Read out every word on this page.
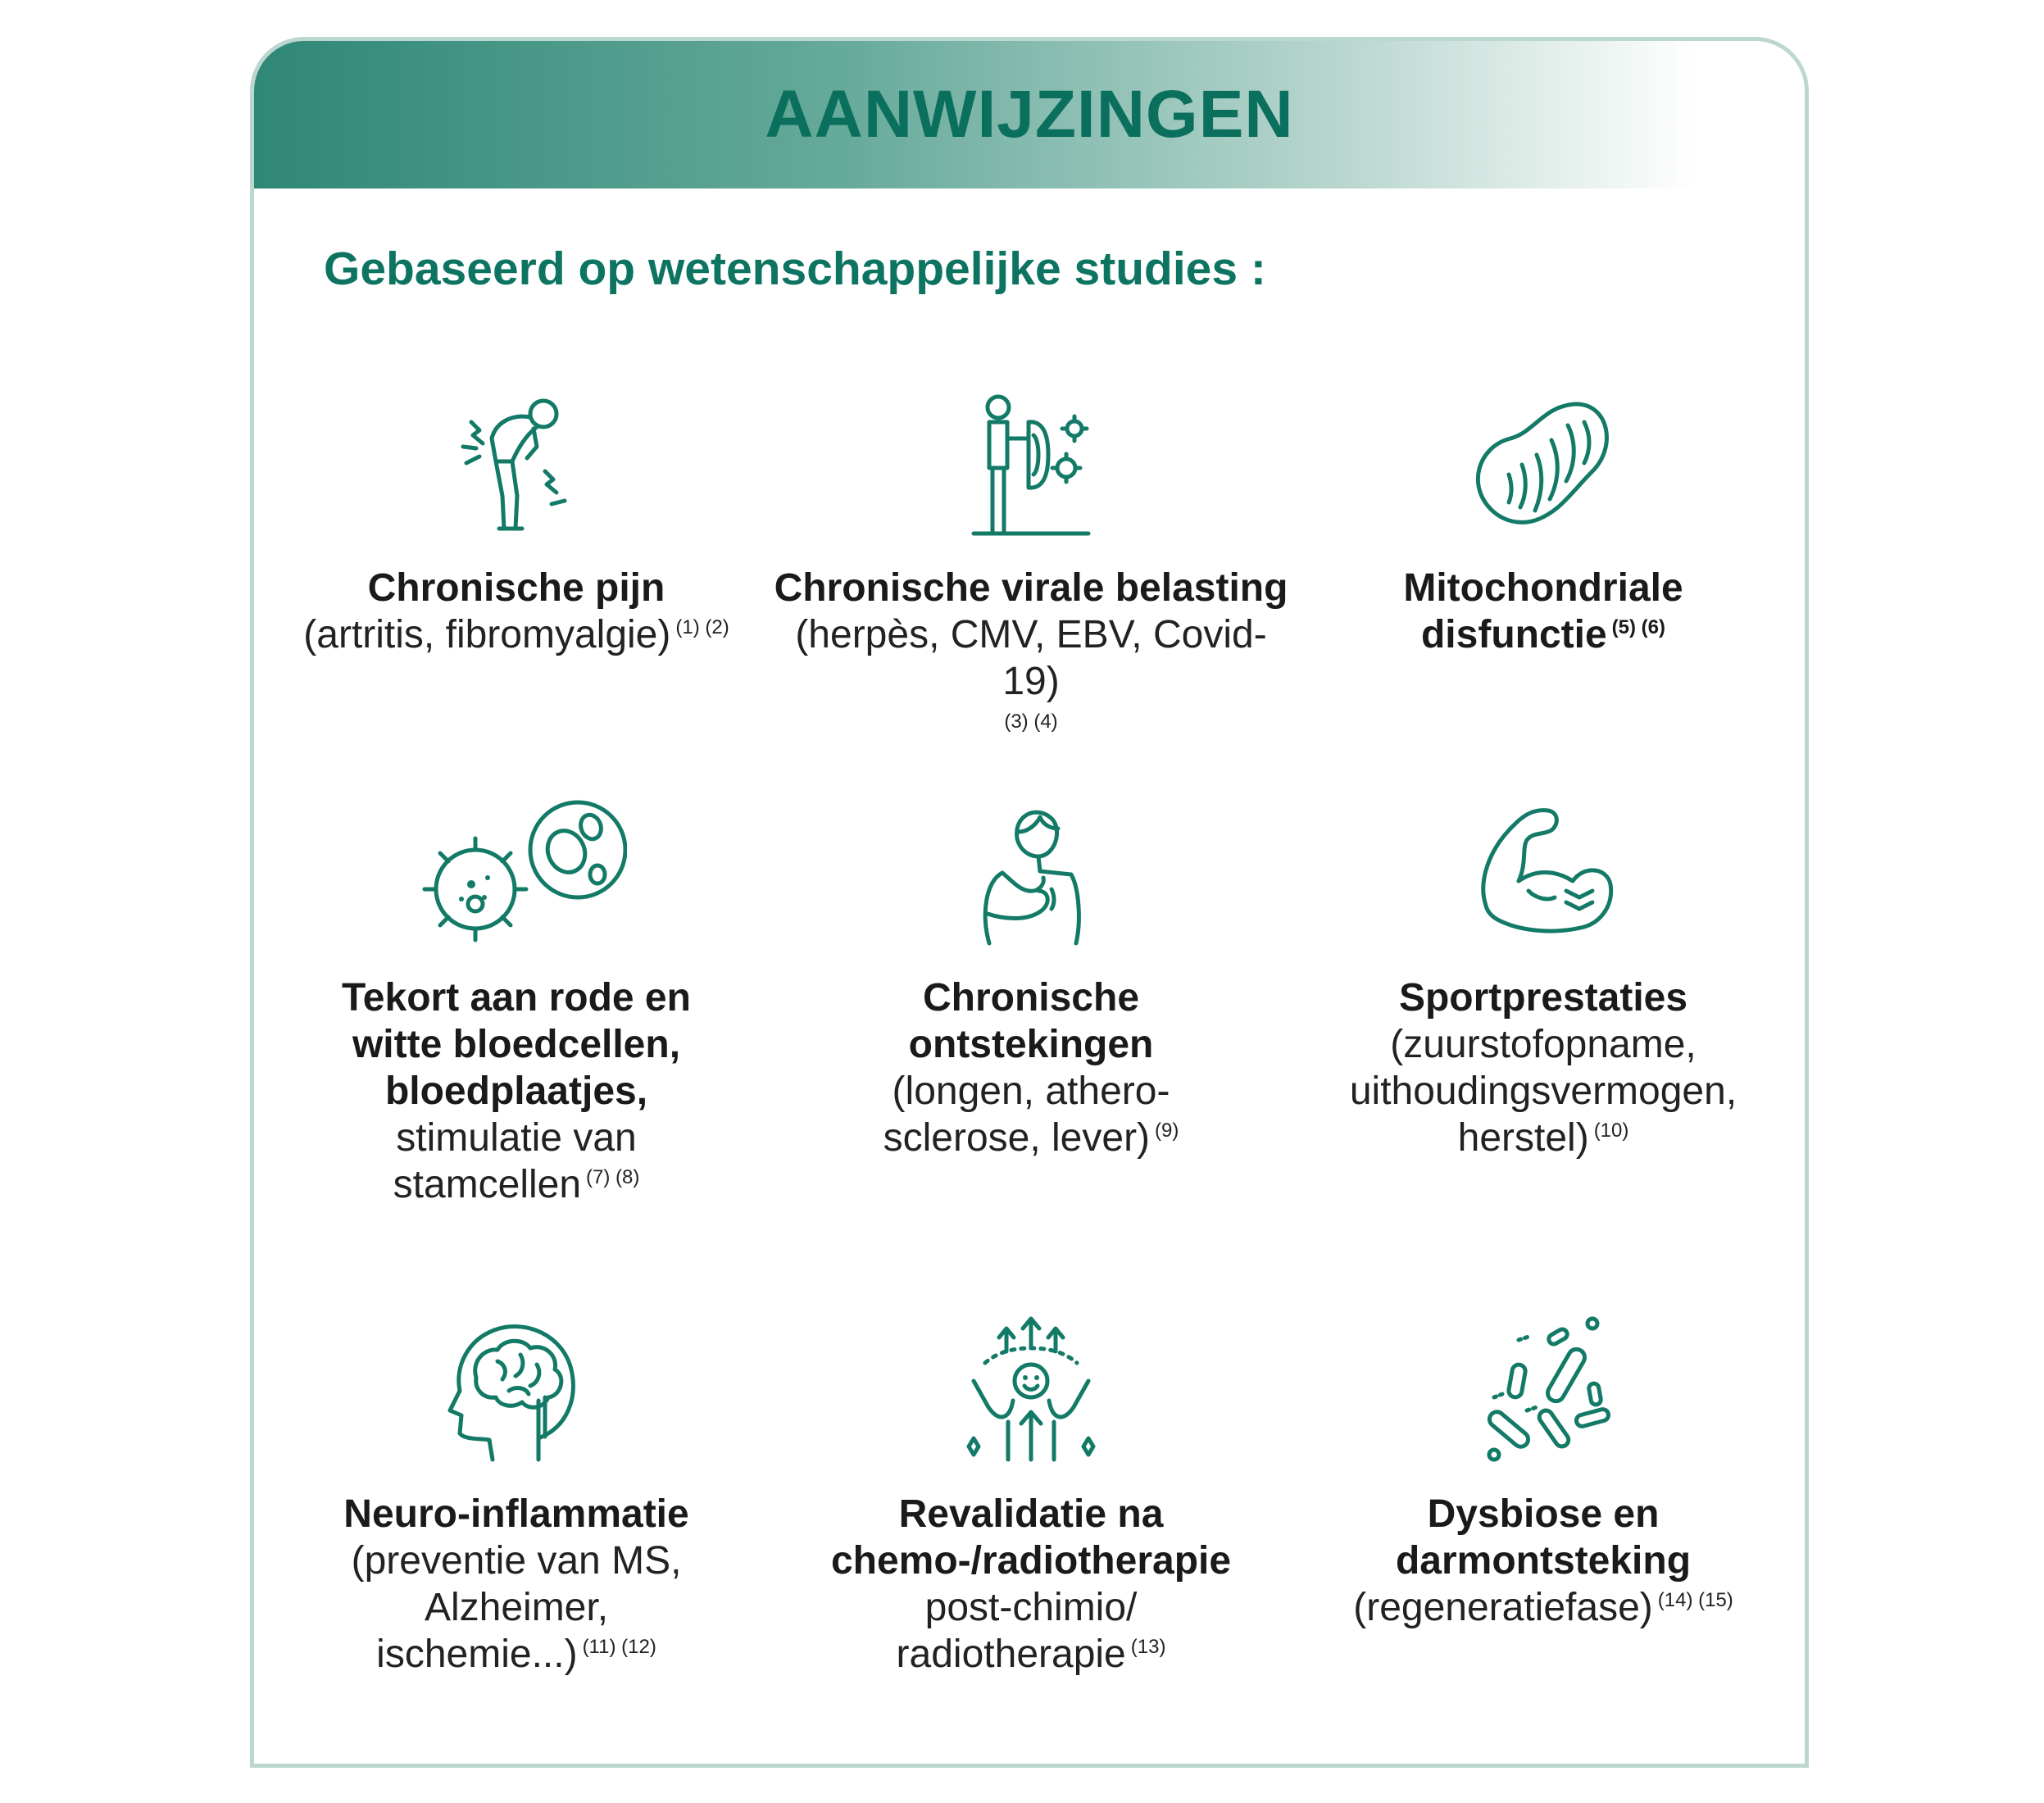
AANWIJZINGEN
Gebaseerd op wetenschappelijke studies :
Chronische pijn
(artritis, fibromyalgie) $^{(1) (2)}$
Chronische virale belasting
(herpès, CMV, EBV, Covid-19)
(3) (4)
Mitochondriale
disfunctie $^{(5) (6)}$
Tekort aan rode en
witte bloedcellen,
bloedplaatjes,
stimulatie van
stamcellen $^{(7) (8)}$
Chronische
ontstekingen
(longen, athero-
sclerose, lever) $^{(9)}$
Sportprestaties
(zuurstofopname,
uithoudingsvermogen,
herstel) $^{(10)}$
Neuro-inflammatie
(preventie van MS,
Alzheimer,
ischemie...) $^{(11) (12)}$
Revalidatie na
chemo-/radiotherapie
post-chimio/
radiotherapie $^{(13)}$
Dysbiose en
darmontsteking
(regeneratiefase) $^{(14) (15)}$
